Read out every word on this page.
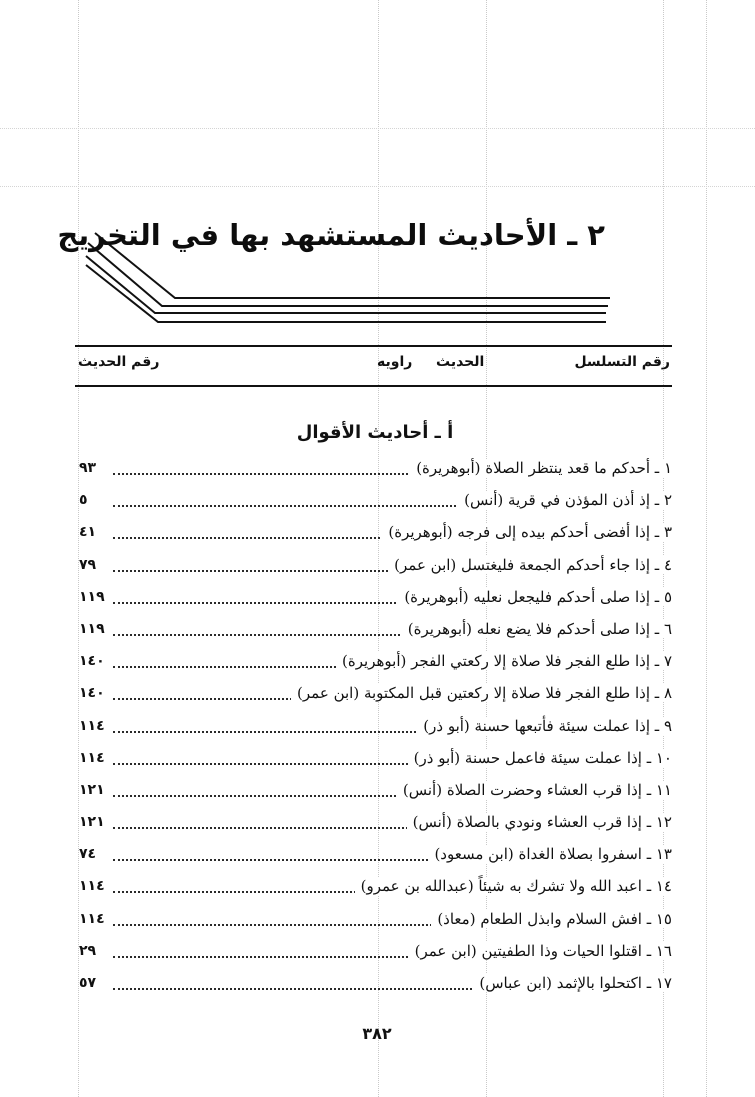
٢ ـ الأحاديث المستشهد بها في التخريج
رقم التسلسل
الحديث
راويه
رقم الحديث
أ ـ أحاديث الأقوال
١ ـ أحدكم ما قعد ينتظر الصلاة (أبوهريرة)
٩٣
٢ ـ إذ أذن المؤذن في قرية (أنس)
٥
٣ ـ إذا أفضى أحدكم بيده إلى فرجه (أبوهريرة)
٤١
٤ ـ إذا جاء أحدكم الجمعة فليغتسل (ابن عمر)
٧٩
٥ ـ إذا صلى أحدكم فليجعل نعليه (أبوهريرة)
١١٩
٦ ـ إذا صلى أحدكم فلا يضع نعله (أبوهريرة)
١١٩
٧ ـ إذا طلع الفجر فلا صلاة إلا ركعتي الفجر (أبوهريرة)
١٤٠
٨ ـ إذا طلع الفجر فلا صلاة إلا ركعتين قبل المكتوبة (ابن عمر)
١٤٠
٩ ـ إذا عملت سيئة فأتبعها حسنة (أبو ذر)
١١٤
١٠ ـ إذا عملت سيئة فاعمل حسنة (أبو ذر)
١١٤
١١ ـ إذا قرب العشاء وحضرت الصلاة (أنس)
١٢١
١٢ ـ إذا قرب العشاء ونودي بالصلاة (أنس)
١٢١
١٣ ـ اسفروا بصلاة الغداة (ابن مسعود)
٧٤
١٤ ـ اعبد الله ولا تشرك به شيئاً (عبدالله بن عمرو)
١١٤
١٥ ـ افش السلام وابذل الطعام (معاذ)
١١٤
١٦ ـ اقتلوا الحيات وذا الطفيتين (ابن عمر)
٢٩
١٧ ـ اكتحلوا بالإثمد (ابن عباس)
٥٧
٣٨٢
